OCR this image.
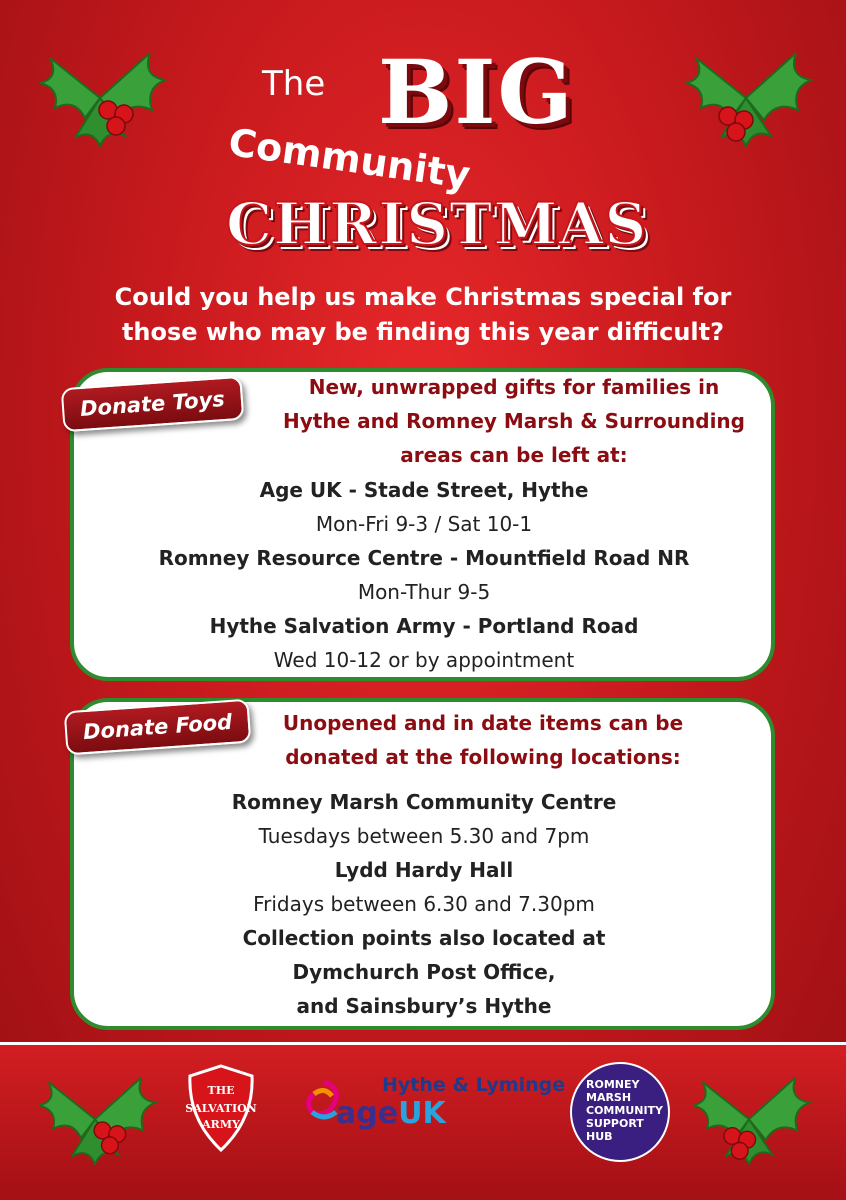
The BIG
Community
CHRISTMAS
Could you help us make Christmas special for
those who may be finding this year difficult?
New, unwrapped gifts for families in
Hythe and Romney Marsh & Surrounding
areas can be left at:
Donate Toys
Age UK - Stade Street, Hythe
Mon-Fri 9-3 / Sat 10-1
Romney Resource Centre - Mountfield Road NR
Mon-Thur 9-5
Hythe Salvation Army - Portland Road
Wed 10-12 or by appointment
Unopened and in date items can be
donated at the following locations:
Donate Food
Romney Marsh Community Centre
Tuesdays between 5.30 and 7pm
Lydd Hardy Hall
Fridays between 6.30 and 7.30pm
Collection points also located at
Dymchurch Post Office,
and Sainsbury’s Hythe
THE
SALVATION
ARMY
Hythe & Lyminge
ageUK
ROMNEY
MARSH
COMMUNITY
SUPPORT
HUB
